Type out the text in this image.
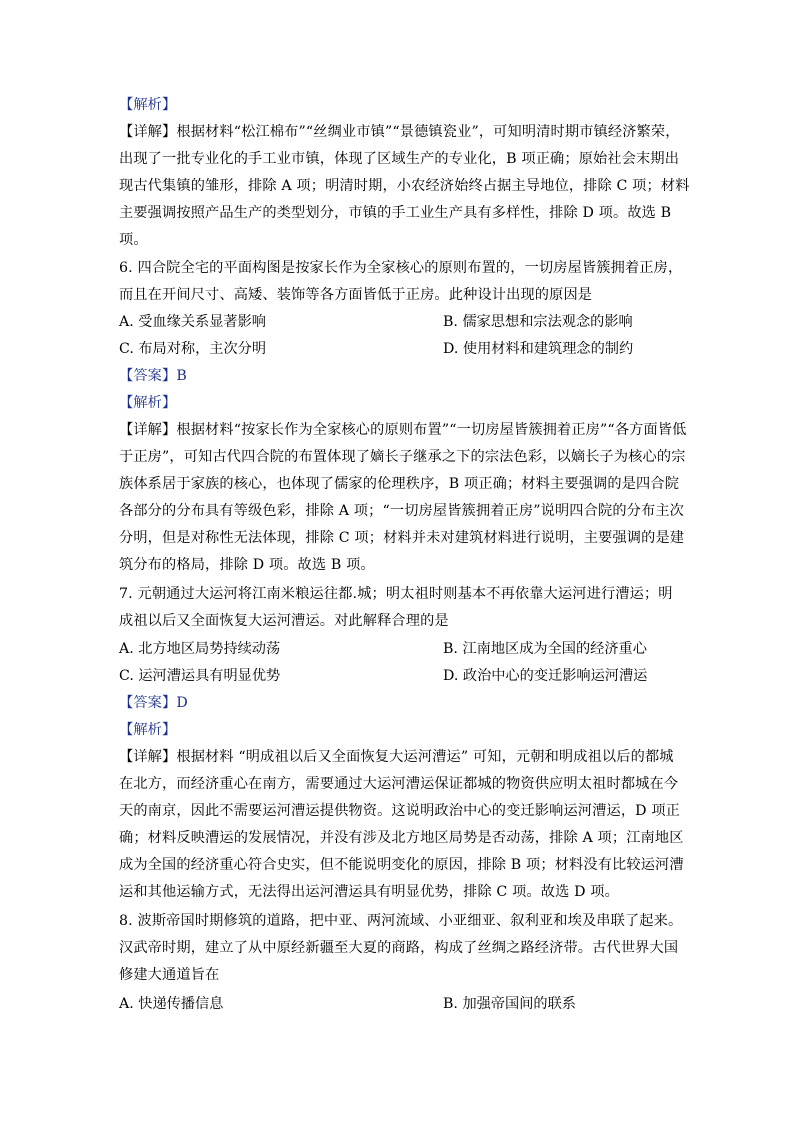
【解析】
【详解】根据材料“松江棉布”“丝绸业市镇”“景德镇瓷业”，可知明清时期市镇经济繁荣，
出现了一批专业化的手工业市镇，体现了区域生产的专业化，B 项正确；原始社会末期出
现古代集镇的雏形，排除 A 项；明清时期，小农经济始终占据主导地位，排除 C 项；材料
主要强调按照产品生产的类型划分，市镇的手工业生产具有多样性，排除 D 项。故选 B
项。
6. 四合院全宅的平面构图是按家长作为全家核心的原则布置的，一切房屋皆簇拥着正房，
而且在开间尺寸、高矮、装饰等各方面皆低于正房。此种设计出现的原因是
A. 受血缘关系显著影响	B. 儒家思想和宗法观念的影响
C. 布局对称，主次分明	D. 使用材料和建筑理念的制约
【答案】B
【解析】
【详解】根据材料“按家长作为全家核心的原则布置”“一切房屋皆簇拥着正房”“各方面皆低
于正房”，可知古代四合院的布置体现了嫡长子继承之下的宗法色彩，以嫡长子为核心的宗
族体系居于家族的核心，也体现了儒家的伦理秩序，B 项正确；材料主要强调的是四合院
各部分的分布具有等级色彩，排除 A 项；“一切房屋皆簇拥着正房”说明四合院的分布主次
分明，但是对称性无法体现，排除 C 项；材料并未对建筑材料进行说明，主要强调的是建
筑分布的格局，排除 D 项。故选 B 项。
7. 元朝通过大运河将江南米粮运往都.城；明太祖时则基本不再依靠大运河进行漕运；明
成祖以后又全面恢复大运河漕运。对此解释合理的是
A. 北方地区局势持续动荡	B. 江南地区成为全国的经济重心
C. 运河漕运具有明显优势	D. 政治中心的变迁影响运河漕运
【答案】D
【解析】
【详解】根据材料 “明成祖以后又全面恢复大运河漕运” 可知，元朝和明成祖以后的都城
在北方，而经济重心在南方，需要通过大运河漕运保证都城的物资供应明太祖时都城在今
天的南京，因此不需要运河漕运提供物资。这说明政治中心的变迁影响运河漕运，D 项正
确；材料反映漕运的发展情况，并没有涉及北方地区局势是否动荡，排除 A 项；江南地区
成为全国的经济重心符合史实，但不能说明变化的原因，排除 B 项；材料没有比较运河漕
运和其他运输方式，无法得出运河漕运具有明显优势，排除 C 项。故选 D 项。
8. 波斯帝国时期修筑的道路，把中亚、两河流域、小亚细亚、叙利亚和埃及串联了起来。
汉武帝时期，建立了从中原经新疆至大夏的商路，构成了丝绸之路经济带。古代世界大国
修建大通道旨在
A. 快递传播信息	B. 加强帝国间的联系
